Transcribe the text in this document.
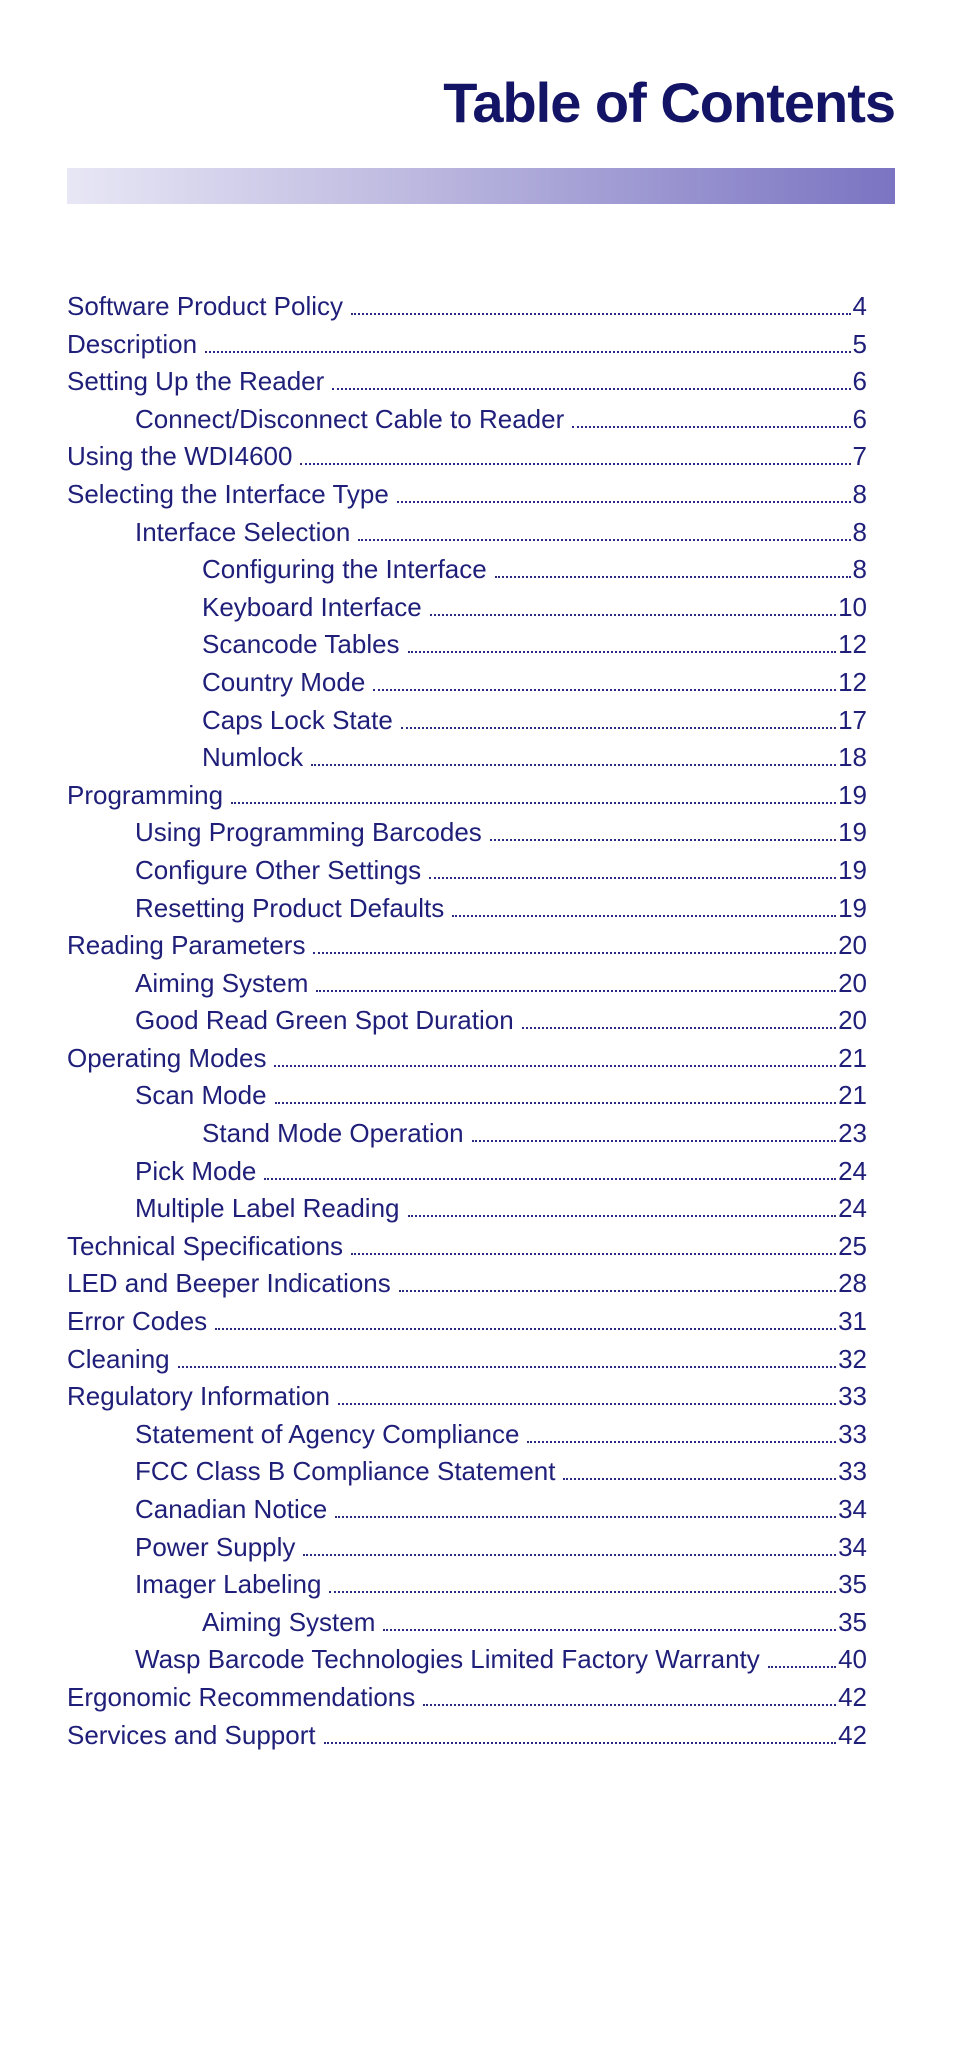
Table of Contents
Software Product Policy	4
Description	5
Setting Up the Reader	6
Connect/Disconnect Cable to Reader	6
Using the WDI4600	7
Selecting the Interface Type	8
Interface Selection	8
Configuring the Interface	8
Keyboard Interface	10
Scancode Tables	12
Country Mode	12
Caps Lock State	17
Numlock	18
Programming	19
Using Programming Barcodes	19
Configure Other Settings	19
Resetting Product Defaults	19
Reading Parameters	20
Aiming System	20
Good Read Green Spot Duration	20
Operating Modes	21
Scan Mode	21
Stand Mode Operation	23
Pick Mode	24
Multiple Label Reading	24
Technical Specifications	25
LED and Beeper Indications	28
Error Codes	31
Cleaning	32
Regulatory Information	33
Statement of Agency Compliance	33
FCC Class B Compliance Statement	33
Canadian Notice	34
Power Supply	34
Imager Labeling	35
Aiming System	35
Wasp Barcode Technologies Limited Factory Warranty	40
Ergonomic Recommendations	42
Services and Support	42
